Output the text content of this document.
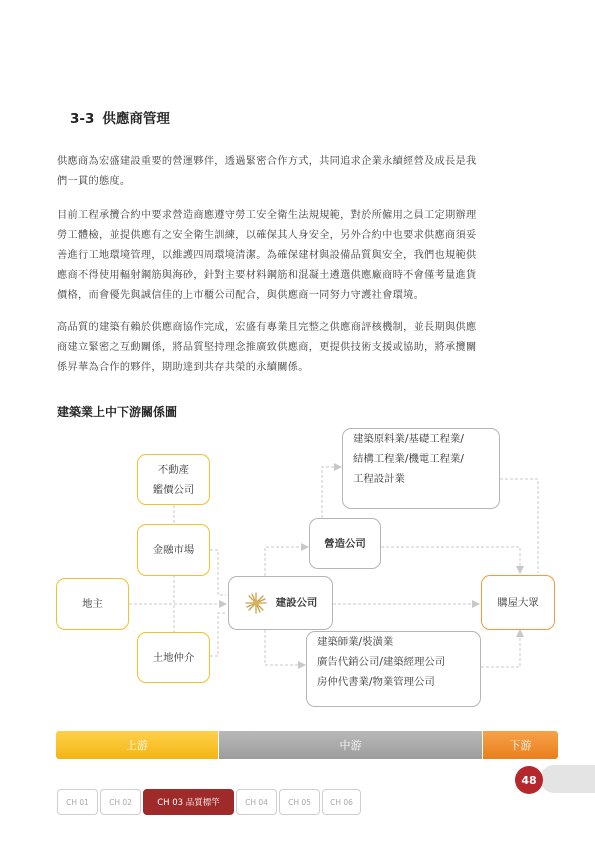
3-3 供應商管理
供應商為宏盛建設重要的營運夥伴，透過緊密合作方式，共同追求企業永續經營及成長是我
們一貫的態度。
目前工程承攬合約中要求營造商應遵守勞工安全衛生法規規範，對於所僱用之員工定期辦理
勞工體檢，並提供應有之安全衛生訓練，以確保其人身安全，另外合約中也要求供應商須妥
善進行工地環境管理，以維護四周環境清潔。為確保建材與設備品質與安全，我們也規範供
應商不得使用輻射鋼筋與海砂，針對主要材料鋼筋和混凝土遴選供應廠商時不會僅考量進貨
價格，而會優先與誠信佳的上市櫃公司配合，與供應商一同努力守護社會環境。
高品質的建築有賴於供應商協作完成，宏盛有專業且完整之供應商評核機制，並長期與供應
商建立緊密之互動關係，將品質堅持理念推廣致供應商，更提供技術支援或協助，將承攬關
係昇華為合作的夥伴，期助達到共存共榮的永續關係。
建築業上中下游關係圖
不動產
鑑價公司
金融市場
地主
土地仲介
建設公司
營造公司
建築原料業/基礎工程業/
結構工程業/機電工程業/
工程設計業
建築師業/裝潢業
廣告代銷公司/建築經理公司
房仲代書業/物業管理公司
購屋大眾
上游	中游	下游
48
CH 01	CH 02	CH 03 品質標竿	CH 04	CH 05	CH 06
